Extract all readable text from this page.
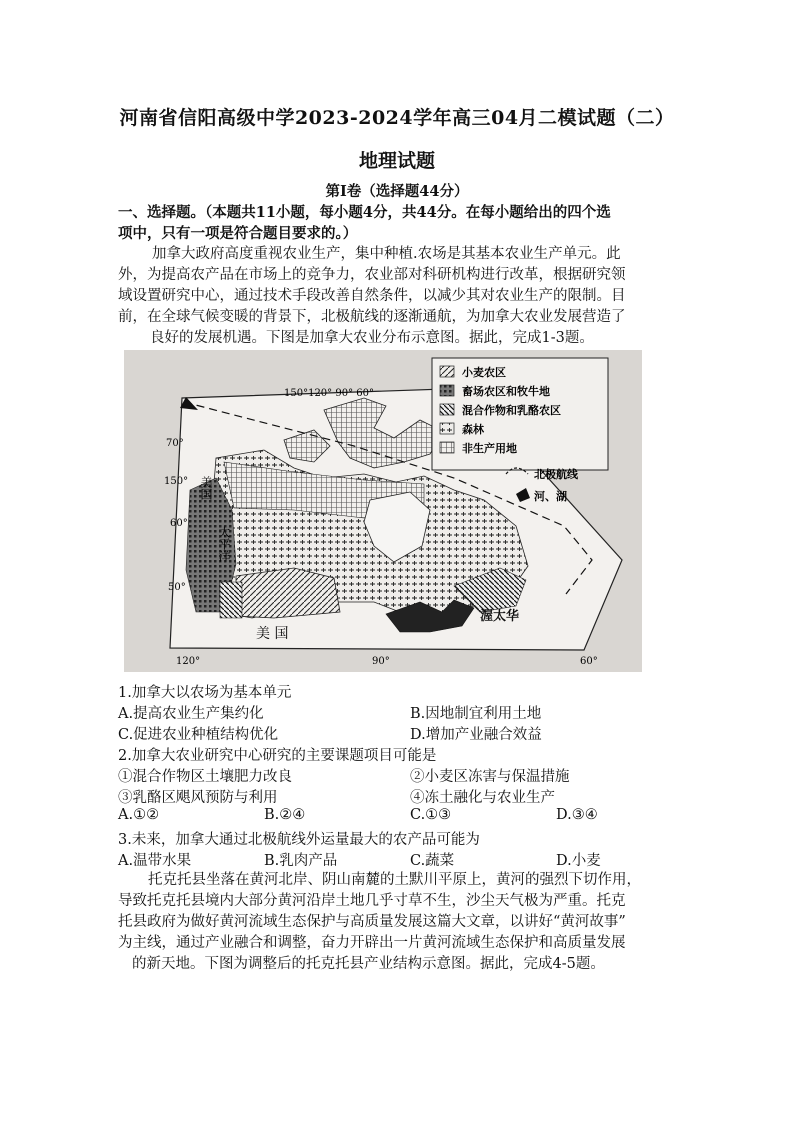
河南省信阳高级中学2023-2024学年高三04月二模试题（二）
地理试题
第Ⅰ卷（选择题44分）
一、选择题。（本题共11小题，每小题4分，共44分。在每小题给出的四个选
项中，只有一项是符合题目要求的。）
加拿大政府高度重视农业生产，集中种植.农场是其基本农业生产单元。此
外，为提高农产品在市场上的竞争力，农业部对科研机构进行改革，根据研究领
域设置研究中心，通过技术手段改善自然条件，以减少其对农业生产的限制。目
前，在全球气候变暖的背景下，北极航线的逐渐通航，为加拿大农业发展营造了
良好的发展机遇。下图是加拿大农业分布示意图。据此，完成1-3题。
小麦农区
畜场农区和牧牛地
混合作物和乳酪农区
森林
非生产用地
北极航线
河、湖
150°120° 90° 60°
70°
150°
60°
50°
120°	90°	60°
美国
太平洋
美 国
渥太华
1.加拿大以农场为基本单元
A.提高农业生产集约化	B.因地制宜利用土地
C.促进农业种植结构优化	D.增加产业融合效益
2.加拿大农业研究中心研究的主要课题项目可能是
①混合作物区土壤肥力改良	②小麦区冻害与保温措施
③乳酪区飓风预防与利用	④冻土融化与农业生产
A.①②	B.②④	C.①③	D.③④
3.未来，加拿大通过北极航线外运量最大的农产品可能为
A.温带水果	B.乳肉产品	C.蔬菜	D.小麦
托克托县坐落在黄河北岸、阴山南麓的土默川平原上，黄河的强烈下切作用，
导致托克托县境内大部分黄河沿岸土地几乎寸草不生，沙尘天气极为严重。托克
托县政府为做好黄河流域生态保护与高质量发展这篇大文章，以讲好“黄河故事”
为主线，通过产业融合和调整，奋力开辟出一片黄河流域生态保护和高质量发展
的新天地。下图为调整后的托克托县产业结构示意图。据此，完成4-5题。
